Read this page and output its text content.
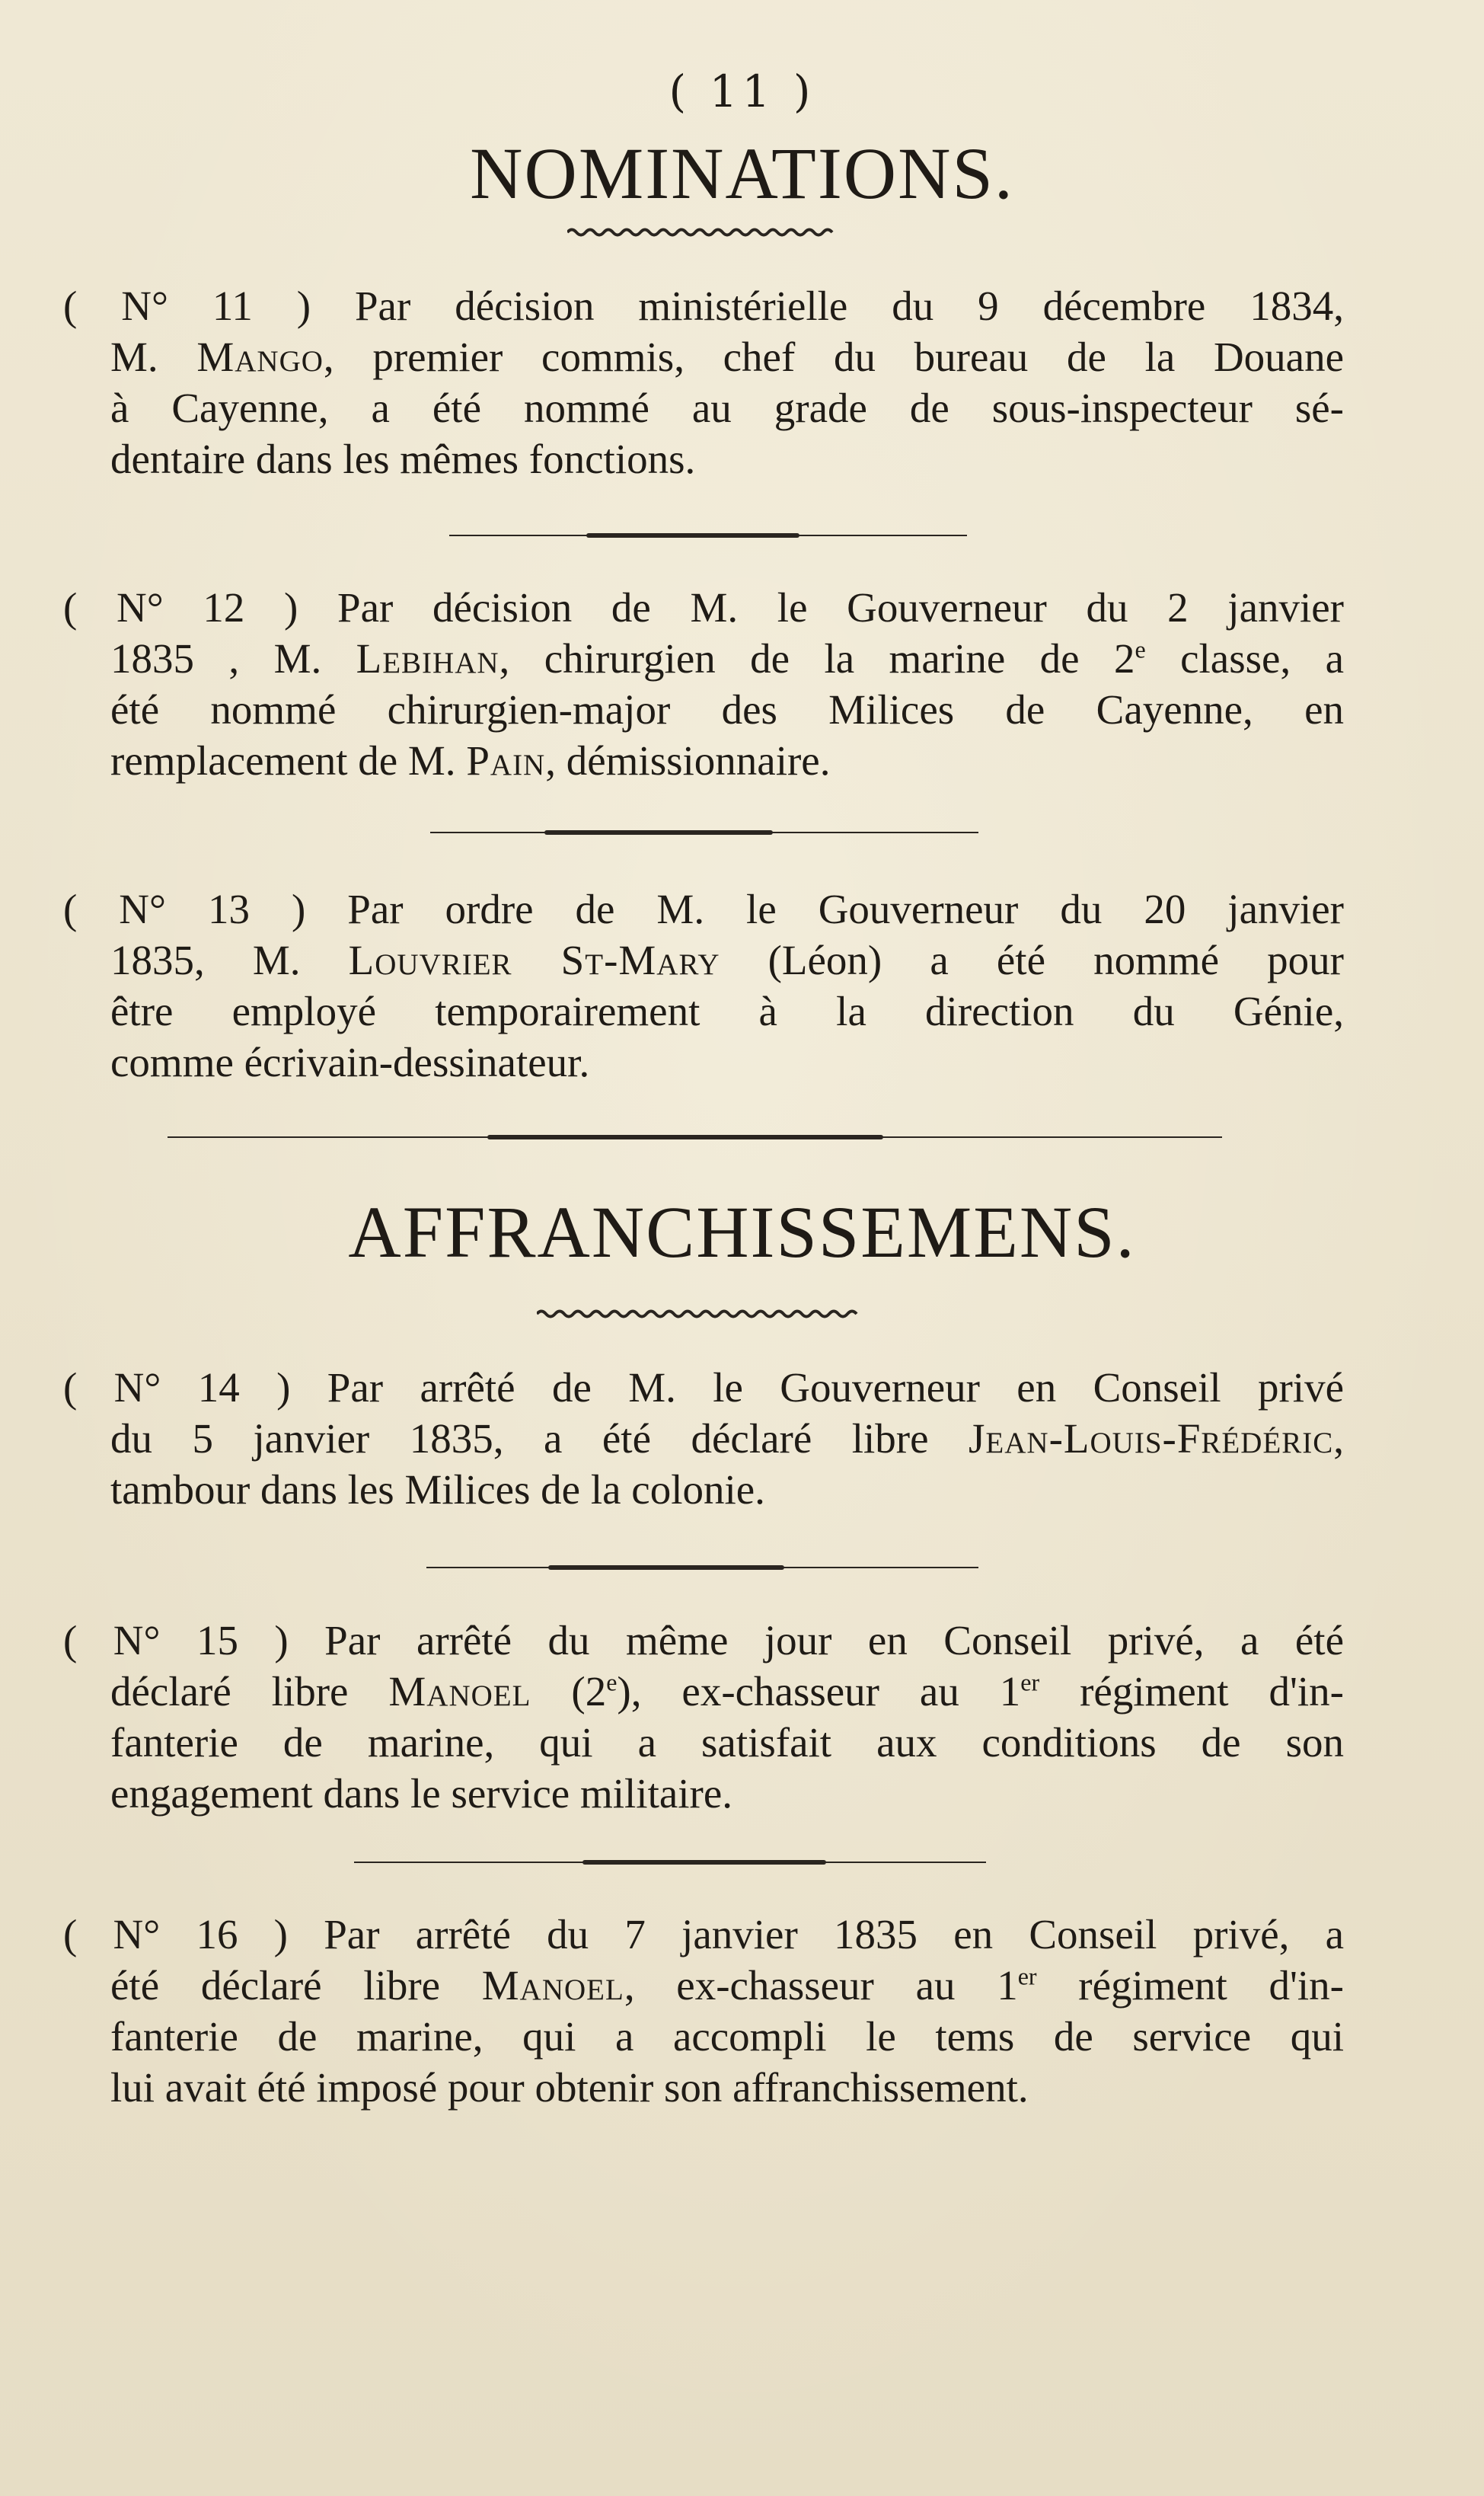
( 11 )
NOMINATIONS.
( N° 11 ) Par décision ministérielle du 9 décembre 1834,
M. Mango, premier commis, chef du bureau de la Douane
à Cayenne, a été nommé au grade de sous-inspecteur sé-
dentaire dans les mêmes fonctions.
( N° 12 ) Par décision de M. le Gouverneur du 2 janvier
1835 , M. Lebihan, chirurgien de la marine de 2e classe, a
été nommé chirurgien-major des Milices de Cayenne, en
remplacement de M. Pain, démissionnaire.
( N° 13 ) Par ordre de M. le Gouverneur du 20 janvier
1835, M. Louvrier St-Mary (Léon) a été nommé pour
être employé temporairement à la direction du Génie,
comme écrivain-dessinateur.
AFFRANCHISSEMENS.
( N° 14 ) Par arrêté de M. le Gouverneur en Conseil privé
du 5 janvier 1835, a été déclaré libre Jean-Louis-Frédéric,
tambour dans les Milices de la colonie.
( N° 15 ) Par arrêté du même jour en Conseil privé, a été
déclaré libre Manoel (2e), ex-chasseur au 1er régiment d'in-
fanterie de marine, qui a satisfait aux conditions de son
engagement dans le service militaire.
( N° 16 ) Par arrêté du 7 janvier 1835 en Conseil privé, a
été déclaré libre Manoel, ex-chasseur au 1er régiment d'in-
fanterie de marine, qui a accompli le tems de service qui
lui avait été imposé pour obtenir son affranchissement.
